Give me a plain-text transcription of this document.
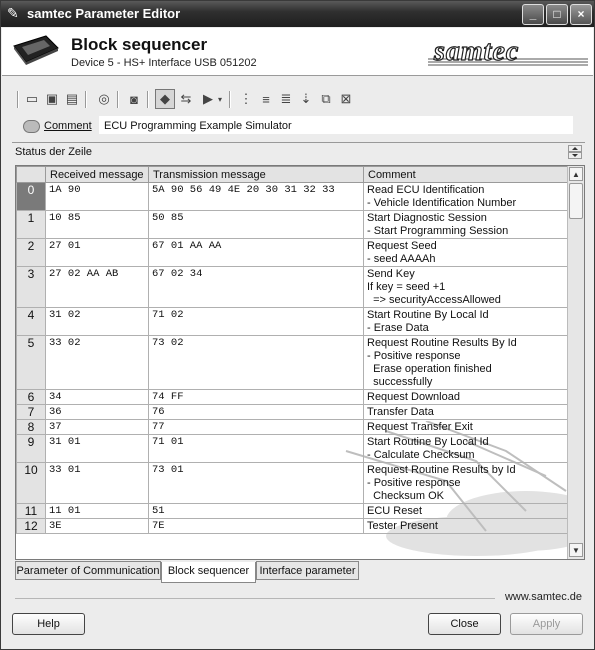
✎ samtec Parameter Editor	_	□	×
Block sequencer
Device 5 - HS+ Interface USB 051202	samtec
▭ ▣ ▤ ◎	◙	◆ ⇆ ▶ ▾ ⋮ ≡ ≣ ⇣ ⧉ ⊠
Comment	ECU Programming Example Simulator
Status der Zeile
	Received message	Transmission message	Comment
0	1A 90	5A 90 56 49 4E 20 30 31 32 33	Read ECU Identification
- Vehicle Identification Number

1	10 85	50 85	Start Diagnostic Session
- Start Programming Session

2	27 01	67 01 AA AA	Request Seed
- seed AAAAh

3	27 02 AA AB	67 02 34	Send Key
If key = seed +1
=> securityAccessAllowed

4	31 02	71 02	Start Routine By Local Id
- Erase Data

5	33 02	73 02	Request Routine Results By Id
- Positive response
Erase operation finished
successfully

6	34	74 FF	Request Download

7	36	76	Transfer Data

8	37	77	Request Transfer Exit

9	31 01	71 01	Start Routine By Local Id
- Calculate Checksum

10	33 01	73 01	Request Routine Results by Id
- Positive response
Checksum OK

11	11 01	51	ECU Reset

12	3E	7E	Tester Present
▲
▼
Parameter of Communication Block sequencer Interface parameter
www.samtec.de
Help	Close	Apply
